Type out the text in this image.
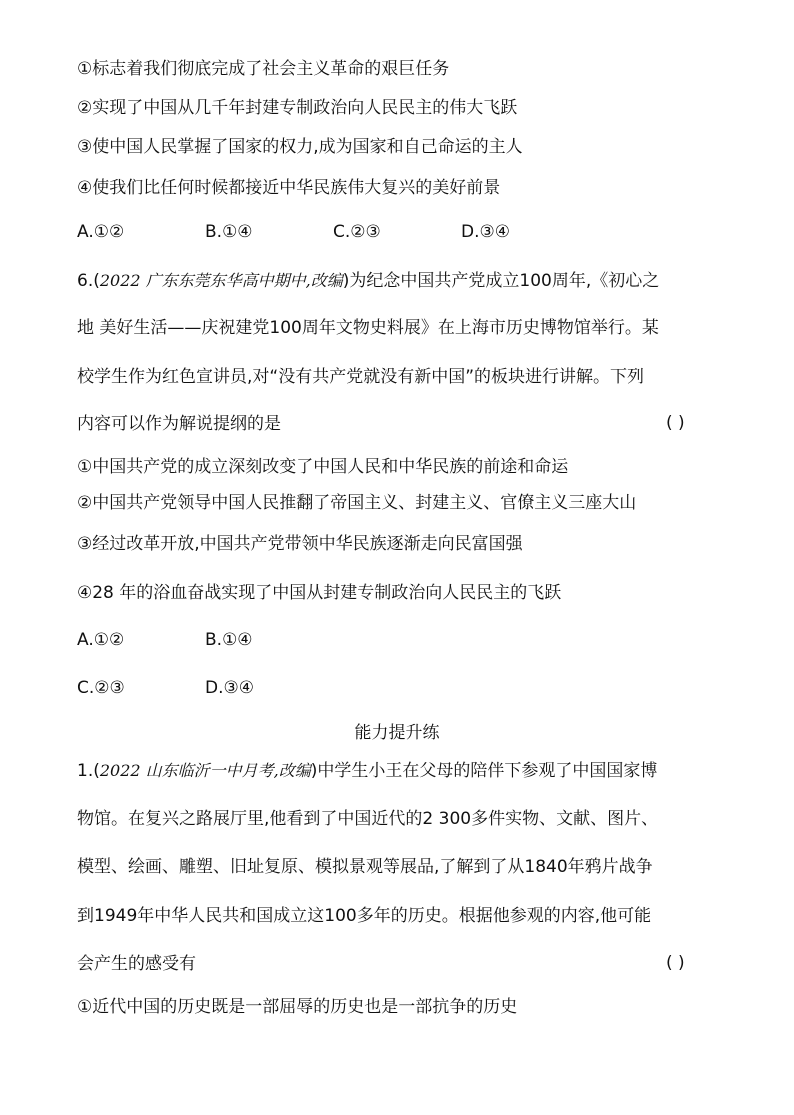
①标志着我们彻底完成了社会主义革命的艰巨任务
②实现了中国从几千年封建专制政治向人民民主的伟大飞跃
③使中国人民掌握了国家的权力,成为国家和自己命运的主人
④使我们比任何时候都接近中华民族伟大复兴的美好前景
A.①②	B.①④	C.②③	D.③④
6.(2022 广东东莞东华高中期中,改编)为纪念中国共产党成立100周年,《初心之
地 美好生活——庆祝建党100周年文物史料展》在上海市历史博物馆举行。某
校学生作为红色宣讲员,对“没有共产党就没有新中国”的板块进行讲解。下列
内容可以作为解说提纲的是	( )
①中国共产党的成立深刻改变了中国人民和中华民族的前途和命运
②中国共产党领导中国人民推翻了帝国主义、封建主义、官僚主义三座大山
③经过改革开放,中国共产党带领中华民族逐渐走向民富国强
④28 年的浴血奋战实现了中国从封建专制政治向人民民主的飞跃
A.①②	B.①④
C.②③	D.③④
能力提升练
1.(2022 山东临沂一中月考,改编)中学生小王在父母的陪伴下参观了中国国家博
物馆。在复兴之路展厅里,他看到了中国近代的2 300多件实物、文献、图片、
模型、绘画、雕塑、旧址复原、模拟景观等展品,了解到了从1840年鸦片战争
到1949年中华人民共和国成立这100多年的历史。根据他参观的内容,他可能
会产生的感受有	( )
①近代中国的历史既是一部屈辱的历史也是一部抗争的历史
